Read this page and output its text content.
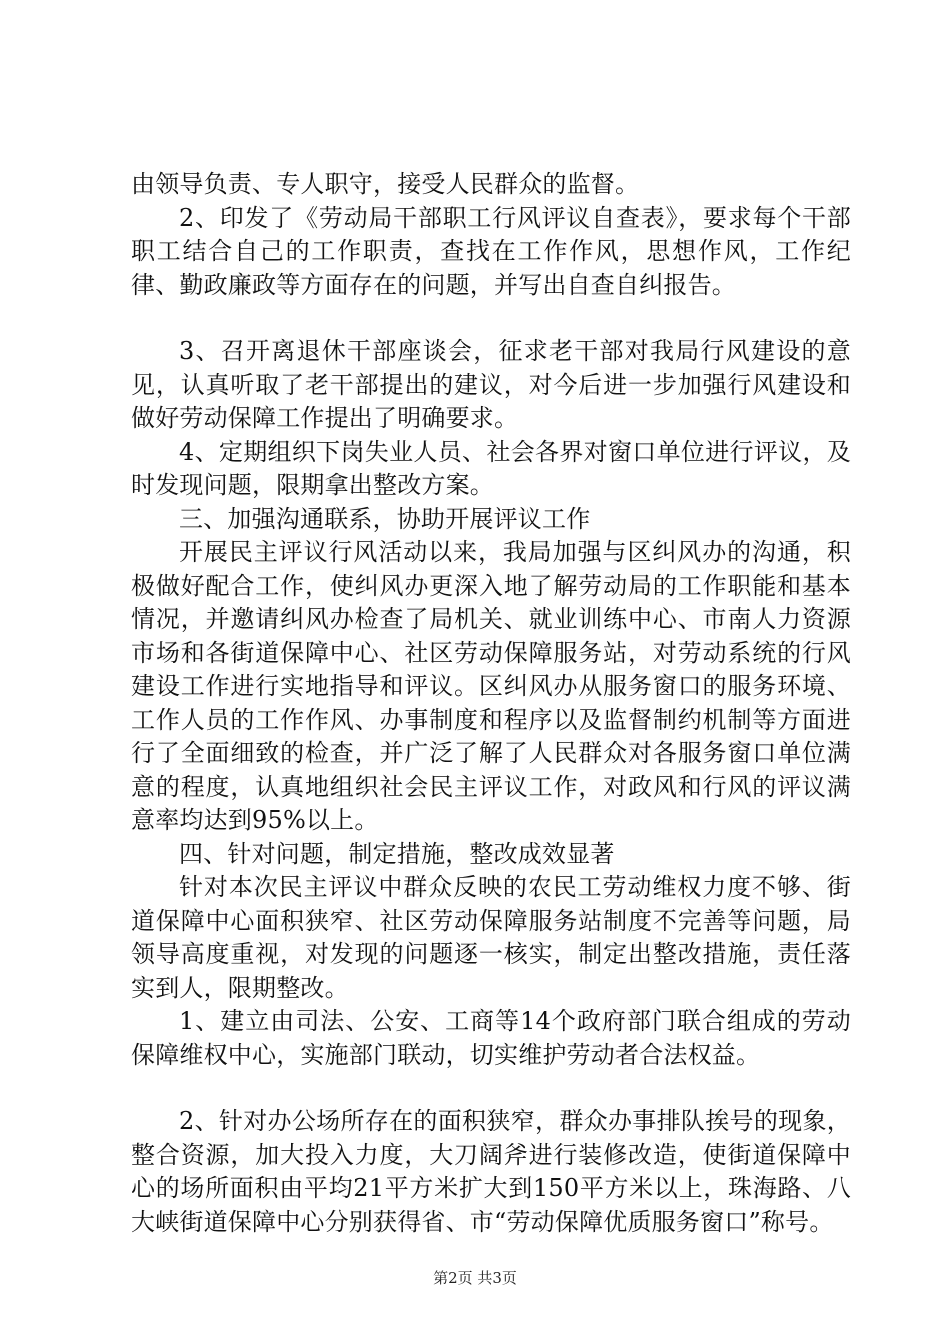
由领导负责、专人职守，接受人民群众的监督。

2、印发了《劳动局干部职工行风评议自查表》，要求每个干部职工结合自己的工作职责，查找在工作作风，思想作风，工作纪律、勤政廉政等方面存在的问题，并写出自查自纠报告。

3、召开离退休干部座谈会，征求老干部对我局行风建设的意见，认真听取了老干部提出的建议，对今后进一步加强行风建设和做好劳动保障工作提出了明确要求。

4、定期组织下岗失业人员、社会各界对窗口单位进行评议，及时发现问题，限期拿出整改方案。

三、加强沟通联系，协助开展评议工作

开展民主评议行风活动以来，我局加强与区纠风办的沟通，积极做好配合工作，使纠风办更深入地了解劳动局的工作职能和基本情况，并邀请纠风办检查了局机关、就业训练中心、市南人力资源市场和各街道保障中心、社区劳动保障服务站，对劳动系统的行风建设工作进行实地指导和评议。区纠风办从服务窗口的服务环境、工作人员的工作作风、办事制度和程序以及监督制约机制等方面进行了全面细致的检查，并广泛了解了人民群众对各服务窗口单位满意的程度，认真地组织社会民主评议工作，对政风和行风的评议满意率均达到95%以上。

四、针对问题，制定措施，整改成效显著

针对本次民主评议中群众反映的农民工劳动维权力度不够、街道保障中心面积狭窄、社区劳动保障服务站制度不完善等问题，局领导高度重视，对发现的问题逐一核实，制定出整改措施，责任落实到人，限期整改。

1、建立由司法、公安、工商等14个政府部门联合组成的劳动保障维权中心，实施部门联动，切实维护劳动者合法权益。

2、针对办公场所存在的面积狭窄，群众办事排队挨号的现象，整合资源，加大投入力度，大刀阔斧进行装修改造，使街道保障中心的场所面积由平均21平方米扩大到150平方米以上，珠海路、八大峡街道保障中心分别获得省、市“劳动保障优质服务窗口”称号。

第2页 共3页
